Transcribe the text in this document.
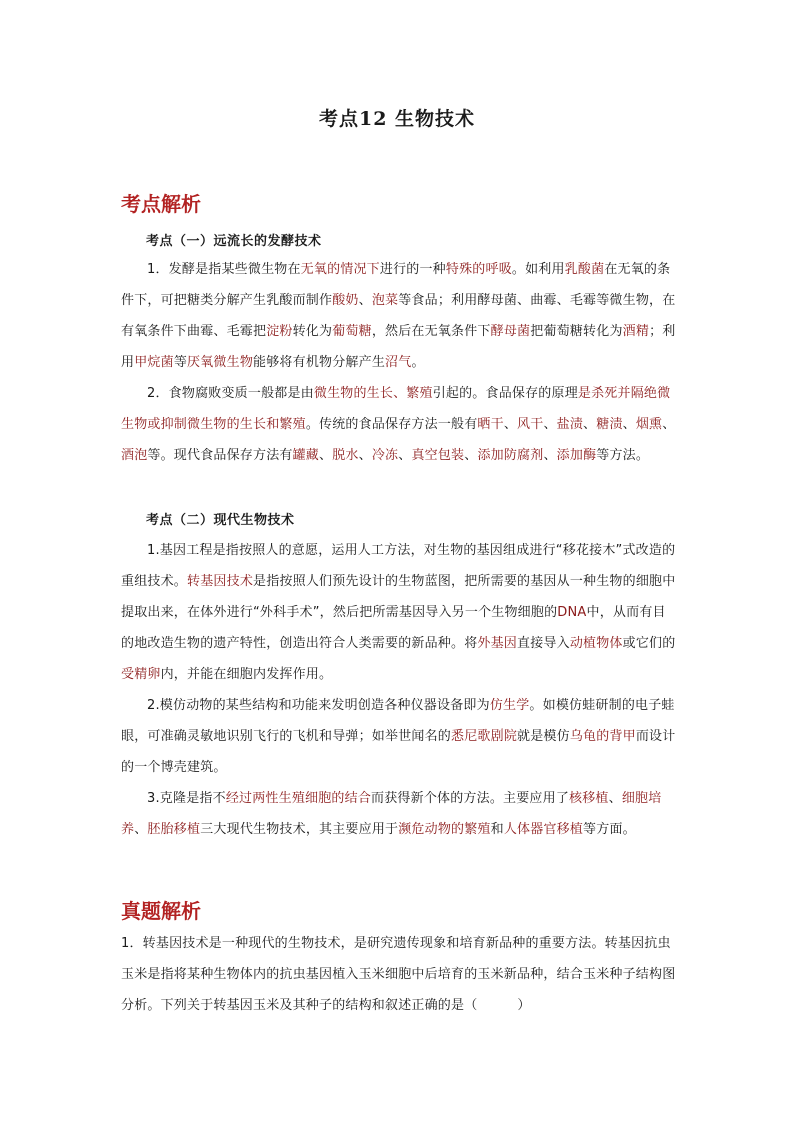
考点12 生物技术
考点解析
考点（一）远流长的发酵技术
1．发酵是指某些微生物在无氧的情况下进行的一种特殊的呼吸。如利用乳酸菌在无氧的条件下，可把糖类分解产生乳酸而制作酸奶、泡菜等食品；利用酵母菌、曲霉、毛霉等微生物，在有氧条件下曲霉、毛霉把淀粉转化为葡萄糖，然后在无氧条件下酵母菌把葡萄糖转化为酒精；利用甲烷菌等厌氧微生物能够将有机物分解产生沼气。
2．食物腐败变质一般都是由微生物的生长、繁殖引起的。食品保存的原理是杀死并隔绝微生物或抑制微生物的生长和繁殖。传统的食品保存方法一般有晒干、风干、盐渍、糖渍、烟熏、酒泡等。现代食品保存方法有罐藏、脱水、冷冻、真空包装、添加防腐剂、添加酶等方法。
考点（二）现代生物技术
1.基因工程是指按照人的意愿，运用人工方法，对生物的基因组成进行“移花接木”式改造的重组技术。转基因技术是指按照人们预先设计的生物蓝图，把所需要的基因从一种生物的细胞中提取出来，在体外进行“外科手术”，然后把所需基因导入另一个生物细胞的DNA中，从而有目的地改造生物的遗产特性，创造出符合人类需要的新品种。将外基因直接导入动植物体或它们的受精卵内，并能在细胞内发挥作用。
2.模仿动物的某些结构和功能来发明创造各种仪器设备即为仿生学。如模仿蛙研制的电子蛙眼，可准确灵敏地识别飞行的飞机和导弹；如举世闻名的悉尼歌剧院就是模仿乌龟的背甲而设计的一个博壳建筑。
3.克隆是指不经过两性生殖细胞的结合而获得新个体的方法。主要应用了核移植、细胞培养、胚胎移植三大现代生物技术，其主要应用于濒危动物的繁殖和人体器官移植等方面。
真题解析
1．转基因技术是一种现代的生物技术，是研究遗传现象和培育新品种的重要方法。转基因抗虫玉米是指将某种生物体内的抗虫基因植入玉米细胞中后培育的玉米新品种，结合玉米种子结构图分析。下列关于转基因玉米及其种子的结构和叙述正确的是（	）
